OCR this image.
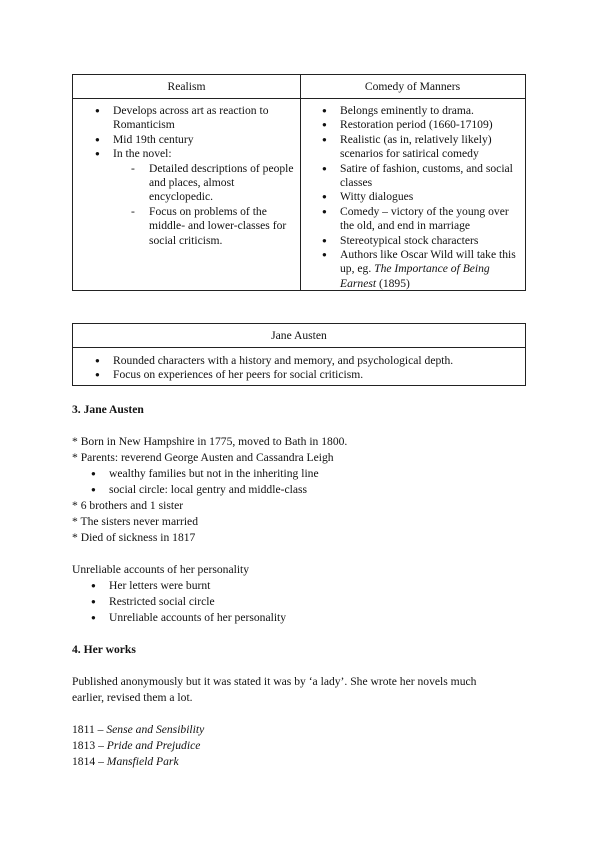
Realism	Comedy of Manners
● Develops across art as reaction to Romanticism
● Mid 19th century
● In the novel:
- Detailed descriptions of people and places, almost encyclopedic.
- Focus on problems of the middle- and lower-classes for social criticism.
● Belongs eminently to drama.
● Restoration period (1660-17109)
● Realistic (as in, relatively likely) scenarios for satirical comedy
● Satire of fashion, customs, and social classes
● Witty dialogues
● Comedy – victory of the young over the old, and end in marriage
● Stereotypical stock characters
● Authors like Oscar Wild will take this up, eg. The Importance of Being Earnest (1895)
Jane Austen
● Rounded characters with a history and memory, and psychological depth.
● Focus on experiences of her peers for social criticism.
3. Jane Austen
* Born in New Hampshire in 1775, moved to Bath in 1800.
* Parents: reverend George Austen and Cassandra Leigh
● wealthy families but not in the inheriting line
● social circle: local gentry and middle-class
* 6 brothers and 1 sister
* The sisters never married
* Died of sickness in 1817
Unreliable accounts of her personality
● Her letters were burnt
● Restricted social circle
● Unreliable accounts of her personality
4. Her works
Published anonymously but it was stated it was by ‘a lady’. She wrote her novels much
earlier, revised them a lot.
1811 – Sense and Sensibility
1813 – Pride and Prejudice
1814 – Mansfield Park
